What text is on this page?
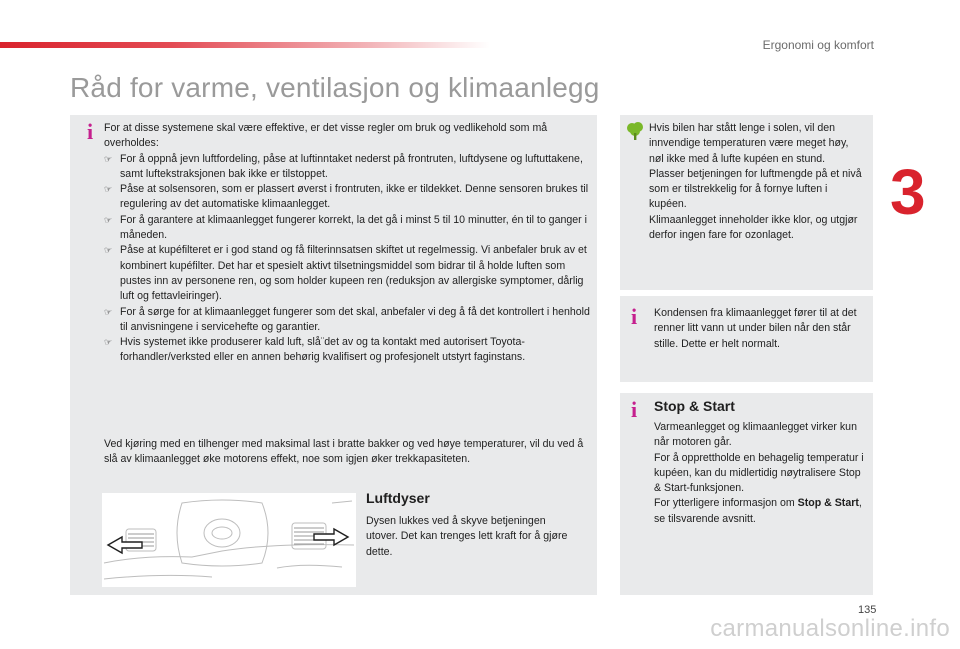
Ergonomi og komfort
3
Råd for varme, ventilasjon og klimaanlegg
i	For at disse systemene skal være effektive, er det visse regler om bruk og vedlikehold som må overholdes:

☞ For å oppnå jevn luftfordeling, påse at luftinntaket nederst på frontruten, luftdysene og luftuttakene, samt luftekstraksjonen bak ikke er tilstoppet.
☞ Påse at solsensoren, som er plassert øverst i frontruten, ikke er tildekket. Denne sensoren brukes til regulering av det automatiske klimaanlegget.
☞ For å garantere at klimaanlegget fungerer korrekt, la det gå i minst 5 til 10 minutter, én til to ganger i måneden.
☞ Påse at kupéfilteret er i god stand og få filterinnsatsen skiftet ut regelmessig. Vi anbefaler bruk av et kombinert kupéfilter. Det har et spesielt aktivt tilsetningsmiddel som bidrar til å holde luften som pustes inn av personene ren, og som holder kupeen ren (reduksjon av allergiske symptomer, dårlig luft og fettavleiringer).
☞ For å sørge for at klimaanlegget fungerer som det skal, anbefaler vi deg å få det kontrollert i henhold til anvisningene i servicehefte og garantier.
☞ Hvis systemet ikke produserer kald luft, slå¨det av og ta kontakt med autorisert Toyota-forhandler/verksted eller en annen behørig kvalifisert og profesjonelt utstyrt faginstans.

Ved kjøring med en tilhenger med maksimal last i bratte bakker og ved høye temperaturer, vil du ved å slå av klimaanlegget øke motorens effekt, noe som igjen øker trekkapasiteten.

Luftdyser

Dysen lukkes ved å skyve betjeningen utover. Det kan trenges lett kraft for å gjøre dette.

Hvis bilen har stått lenge i solen, vil den innvendige temperaturen være meget høy, nøl ikke med å lufte kupéen en stund.

Plasser betjeningen for luftmengde på et nivå som er tilstrekkelig for å fornye luften i kupéen.

Klimaanlegget inneholder ikke klor, og utgjør derfor ingen fare for ozonlaget.

i	Kondensen fra klimaanlegget fører til at det renner litt vann ut under bilen når den står stille. Dette er helt normalt.

i	Stop & Start

Varmeanlegget og klimaanlegget virker kun når motoren går.

For å opprettholde en behagelig temperatur i kupéen, kan du midlertidig nøytralisere Stop & Start-funksjonen.

For ytterligere informasjon om Stop & Start, se tilsvarende avsnitt.

135
carmanualsonline.info
